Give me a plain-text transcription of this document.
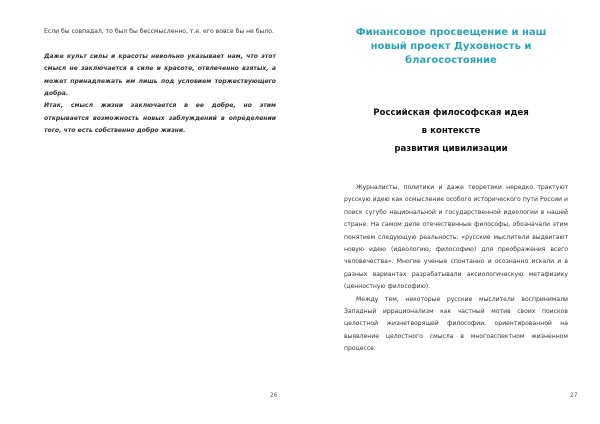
Если бы совпадал, то был бы бессмысленно, т.е. его вовсе бы не было.

Даже культ силы и красоты невольно указывает нам, что этот смысл не заключается в силе и красоте, отвлеченно взятых, а может принадлежать им лишь под условием торжествующего добра.

Итак, смысл жизни заключается в ее добре, но этим открывается возможность новых заблуждений в определении того, что есть собственно добро жизни.

26
Финансовое просвещение и наш новый проект Духовность и благосостояние
Российская философская идея
в контексте
развития цивилизации

Журналисты, политики и даже теоретики нередко трактуют русскую идею как осмысление особого исторического пути России и поиск сугубо национальной и государственной идеологии в нашей стране. На самом деле отечественные философы, обозначали этим понятием следующую реальность: «русские мыслители выдвигают новую идею (идеологию, философию) для преображения всего человечества». Многие ученые спонтанно и осознанно искали и в разных вариантах разрабатывали аксиологическую метафизику (ценностную философию).

Между тем, некоторые русские мыслители воспринимали Западный иррационализм как частный мотив своих поисков целостной жизнетворящей философии, ориентированной на выявление целостного смысла в многоаспектном жизненном процессе.

27
